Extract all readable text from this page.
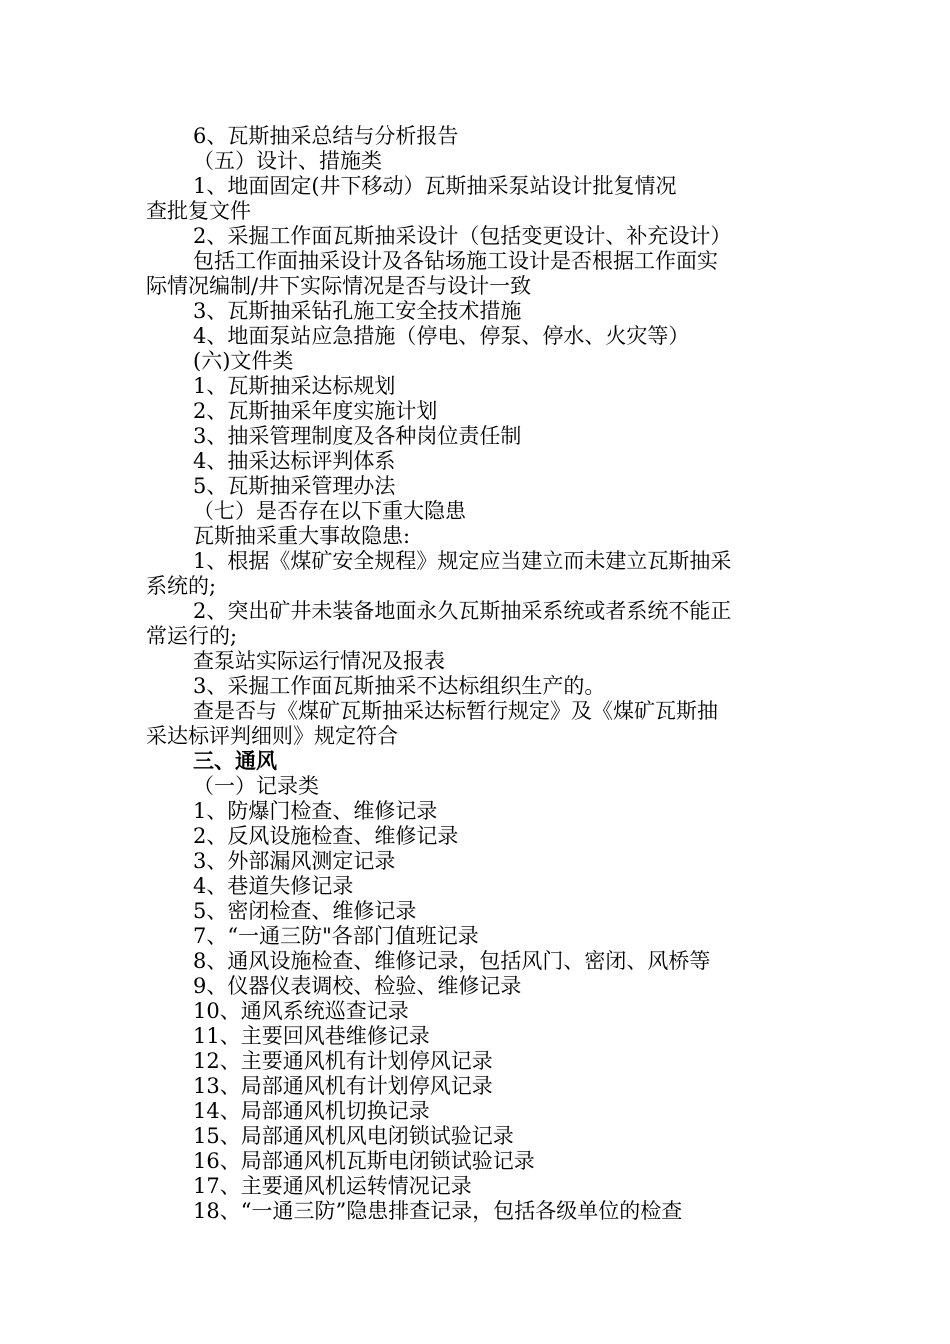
6、瓦斯抽采总结与分析报告
（五）设计、措施类
1、地面固定(井下移动）瓦斯抽采泵站设计批复情况
查批复文件
2、采掘工作面瓦斯抽采设计（包括变更设计、补充设计）
包括工作面抽采设计及各钻场施工设计是否根据工作面实
际情况编制/井下实际情况是否与设计一致
3、瓦斯抽采钻孔施工安全技术措施
4、地面泵站应急措施（停电、停泵、停水、火灾等）
(六)文件类
1、瓦斯抽采达标规划
2、瓦斯抽采年度实施计划
3、抽采管理制度及各种岗位责任制
4、抽采达标评判体系
5、瓦斯抽采管理办法
（七）是否存在以下重大隐患
瓦斯抽采重大事故隐患:
1、根据《煤矿安全规程》规定应当建立而未建立瓦斯抽采
系统的;
2、突出矿井未装备地面永久瓦斯抽采系统或者系统不能正
常运行的;
查泵站实际运行情况及报表
3、采掘工作面瓦斯抽采不达标组织生产的。
查是否与《煤矿瓦斯抽采达标暂行规定》及《煤矿瓦斯抽
采达标评判细则》规定符合
三、通风
（一）记录类
1、防爆门检查、维修记录
2、反风设施检查、维修记录
3、外部漏风测定记录
4、巷道失修记录
5、密闭检查、维修记录
7、“一通三防"各部门值班记录
8、通风设施检查、维修记录，包括风门、密闭、风桥等
9、仪器仪表调校、检验、维修记录
10、通风系统巡查记录
11、主要回风巷维修记录
12、主要通风机有计划停风记录
13、局部通风机有计划停风记录
14、局部通风机切换记录
15、局部通风机风电闭锁试验记录
16、局部通风机瓦斯电闭锁试验记录
17、主要通风机运转情况记录
18、“一通三防”隐患排查记录，包括各级单位的检查
